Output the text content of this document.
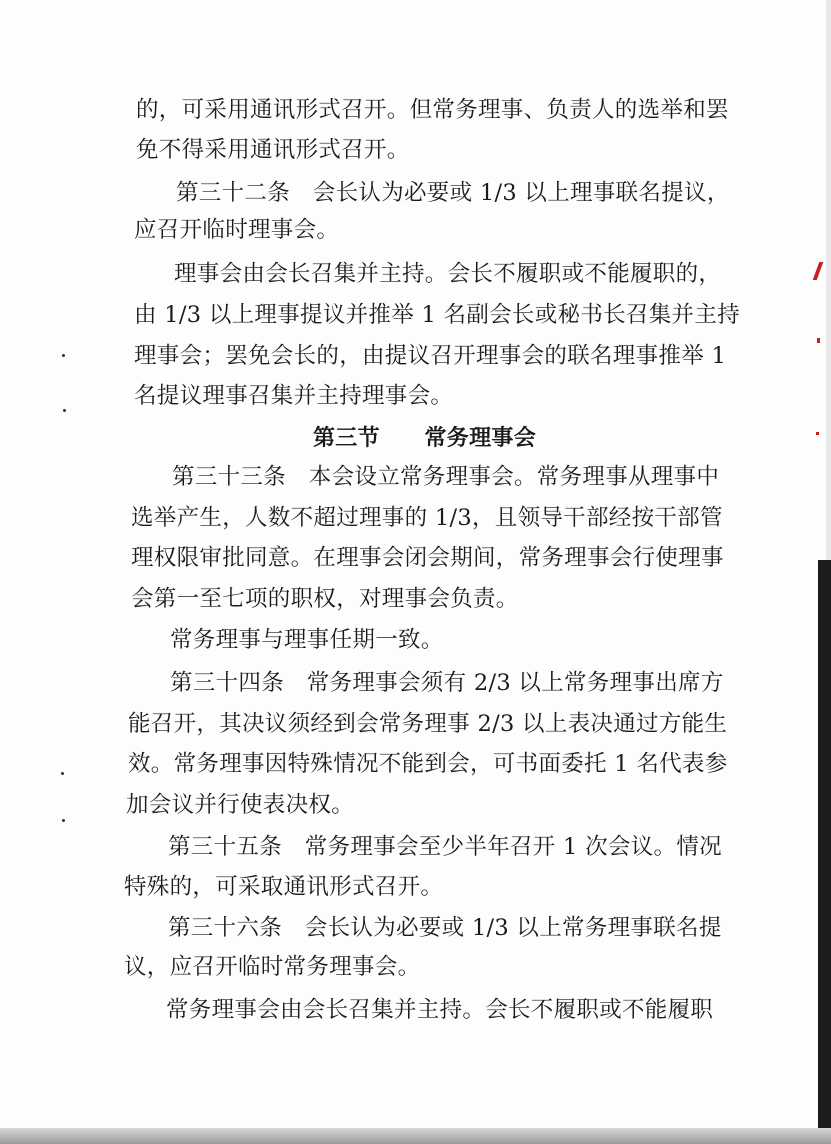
的，可采用通讯形式召开。但常务理事、负责人的选举和罢
免不得采用通讯形式召开。
第三十二条　会长认为必要或 1/3 以上理事联名提议，
应召开临时理事会。
理事会由会长召集并主持。会长不履职或不能履职的，
由 1/3 以上理事提议并推举 1 名副会长或秘书长召集并主持
理事会；罢免会长的，由提议召开理事会的联名理事推举 1
名提议理事召集并主持理事会。
第三节　　常务理事会
第三十三条　本会设立常务理事会。常务理事从理事中
选举产生，人数不超过理事的 1/3，且领导干部经按干部管
理权限审批同意。在理事会闭会期间，常务理事会行使理事
会第一至七项的职权，对理事会负责。
常务理事与理事任期一致。
第三十四条　常务理事会须有 2/3 以上常务理事出席方
能召开，其决议须经到会常务理事 2/3 以上表决通过方能生
效。常务理事因特殊情况不能到会，可书面委托 1 名代表参
加会议并行使表决权。
第三十五条　常务理事会至少半年召开 1 次会议。情况
特殊的，可采取通讯形式召开。
第三十六条　会长认为必要或 1/3 以上常务理事联名提
议，应召开临时常务理事会。
常务理事会由会长召集并主持。会长不履职或不能履职
